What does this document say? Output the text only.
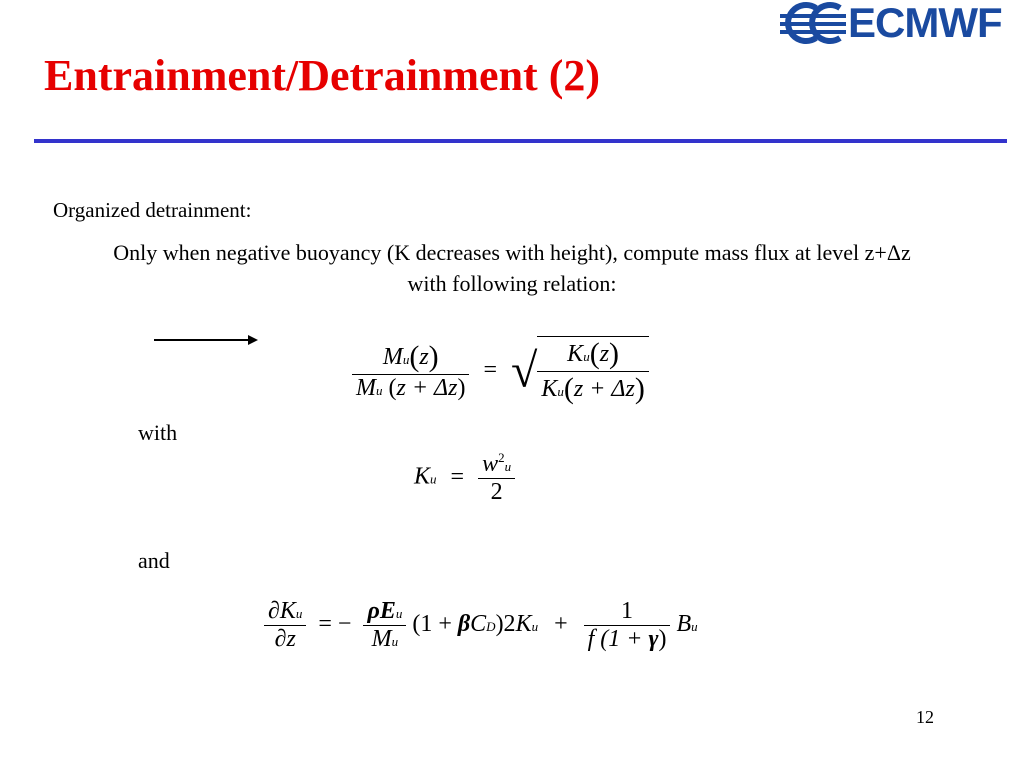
ECMWF
Entrainment/Detrainment (2)
Organized detrainment:
Only when negative buoyancy (K decreases with height), compute mass flux at level z+Δz
with following relation:
$\frac{Mu(z)}{Mu (z + \Delta z)}$ = √ $\frac{Ku(z)}{Ku(z + \Delta z)}$
with
$Ku = \frac{w^2u}{2}$
and
$\frac{\partial Ku}{\partial z}$ = − $\frac{\text{ρEu}}{Mu} (1 + \beta CD)2Ku + \frac{1}{f (1 + \gamma)}$ Bu
12
